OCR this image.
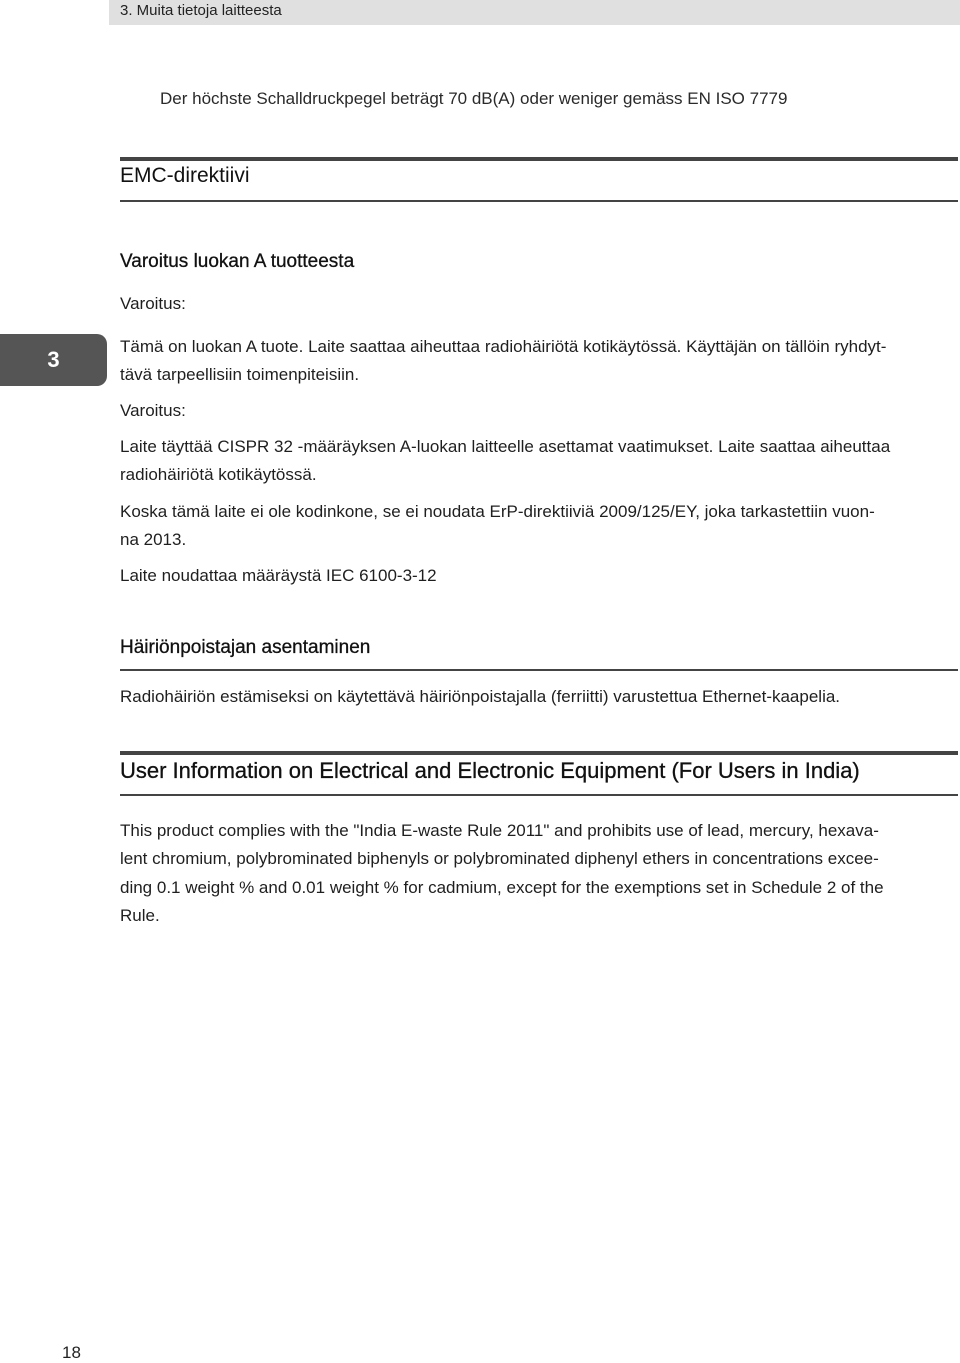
3. Muita tietoja laitteesta
3

Der höchste Schalldruckpegel beträgt 70 dB(A) oder weniger gemäss EN ISO 7779

EMC-direktiivi
Varoitus luokan A tuotteesta
Varoitus:
Tämä on luokan A tuote. Laite saattaa aiheuttaa radiohäiriötä kotikäytössä. Käyttäjän on tällöin ryhdyt-
tävä tarpeellisiin toimenpiteisiin.
Varoitus:
Laite täyttää CISPR 32 -määräyksen A-luokan laitteelle asettamat vaatimukset. Laite saattaa aiheuttaa
radiohäiriötä kotikäytössä.
Koska tämä laite ei ole kodinkone, se ei noudata ErP-direktiiviä 2009/125/EY, joka tarkastettiin vuon-
na 2013.
Laite noudattaa määräystä IEC 6100-3-12
Häiriönpoistajan asentaminen
Radiohäiriön estämiseksi on käytettävä häiriönpoistajalla (ferriitti) varustettua Ethernet-kaapelia.
User Information on Electrical and Electronic Equipment (For Users in India)
This product complies with the "India E-waste Rule 2011" and prohibits use of lead, mercury, hexava-
lent chromium, polybrominated biphenyls or polybrominated diphenyl ethers in concentrations excee-
ding 0.1 weight % and 0.01 weight % for cadmium, except for the exemptions set in Schedule 2 of the
Rule.
18
